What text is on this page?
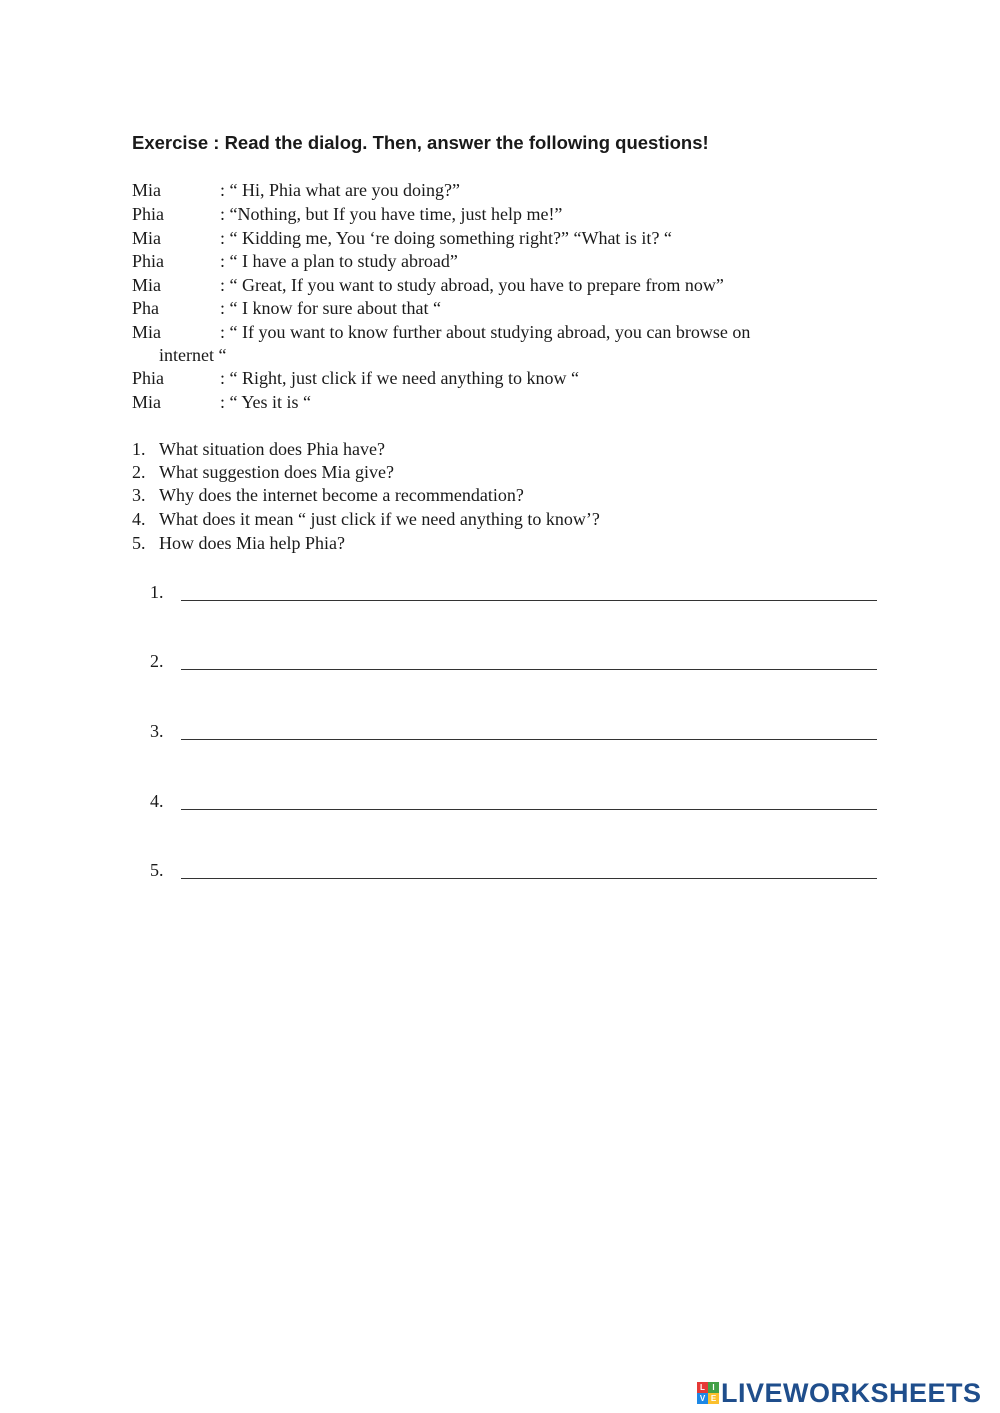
Exercise : Read the dialog. Then, answer the following questions!
Mia	: “ Hi, Phia what are you doing?”
Phia	: “Nothing, but If you have time, just help me!”
Mia	: “ Kidding me, You ‘re doing something right?” “What is it? “
Phia	: “ I have a plan to study abroad”
Mia	: “ Great, If you want to study abroad, you have to prepare from now”
Pha	: “ I know for sure about that “
Mia	: “ If you want to know further about studying abroad, you can browse on
internet “
Phia	: “ Right, just click if we need anything to know “
Mia	: “ Yes it is “
1. What situation does Phia have?
2. What suggestion does Mia give?
3. Why does the internet become a recommendation?
4. What does it mean “ just click if we need anything to know’?
5. How does Mia help Phia?
1.
2.
3.
4.
5.
L I
V E LIVEWORKSHEETS
